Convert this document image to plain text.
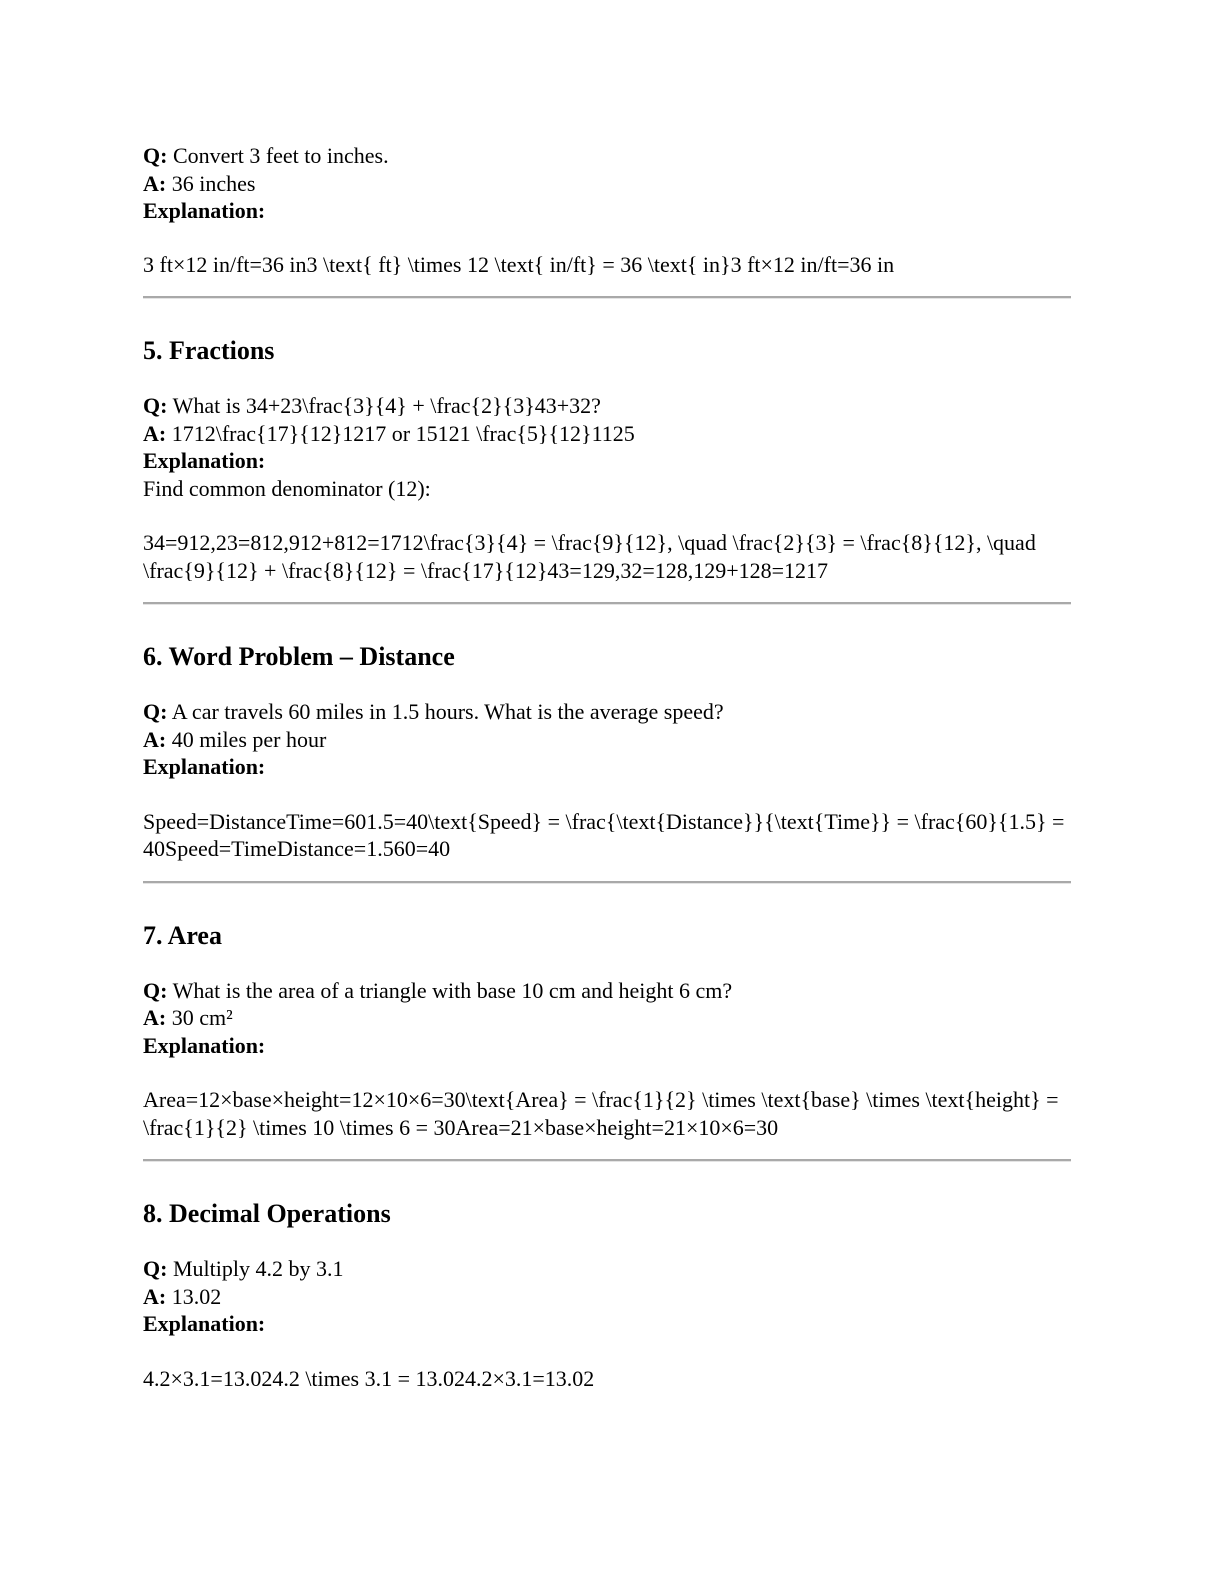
Q: Convert 3 feet to inches.

A: 36 inches

Explanation:

3 ft×12 in/ft=36 in3 \text{ ft} \times 12 \text{ in/ft} = 36 \text{ in}3 ft×12 in/ft=36 in

5. Fractions

Q: What is 34+23\frac{3}{4} + \frac{2}{3}43+32?

A: 1712\frac{17}{12}1217 or 15121 \frac{5}{12}1125

Explanation:

Find common denominator (12):

34=912,23=812,912+812=1712\frac{3}{4} = \frac{9}{12}, \quad \frac{2}{3} = \frac{8}{12}, \quad \frac{9}{12} + \frac{8}{12} = \frac{17}{12}43=129,32=128,129+128=1217

6. Word Problem – Distance

Q: A car travels 60 miles in 1.5 hours. What is the average speed?

A: 40 miles per hour

Explanation:

Speed=DistanceTime=601.5=40\text{Speed} = \frac{\text{Distance}}{\text{Time}} = \frac{60}{1.5} = 40Speed=TimeDistance=1.560=40

7. Area

Q: What is the area of a triangle with base 10 cm and height 6 cm?

A: 30 cm²

Explanation:

Area=12×base×height=12×10×6=30\text{Area} = \frac{1}{2} \times \text{base} \times \text{height} = \frac{1}{2} \times 10 \times 6 = 30Area=21×base×height=21×10×6=30

8. Decimal Operations

Q: Multiply 4.2 by 3.1

A: 13.02

Explanation:

4.2×3.1=13.024.2 \times 3.1 = 13.024.2×3.1=13.02
